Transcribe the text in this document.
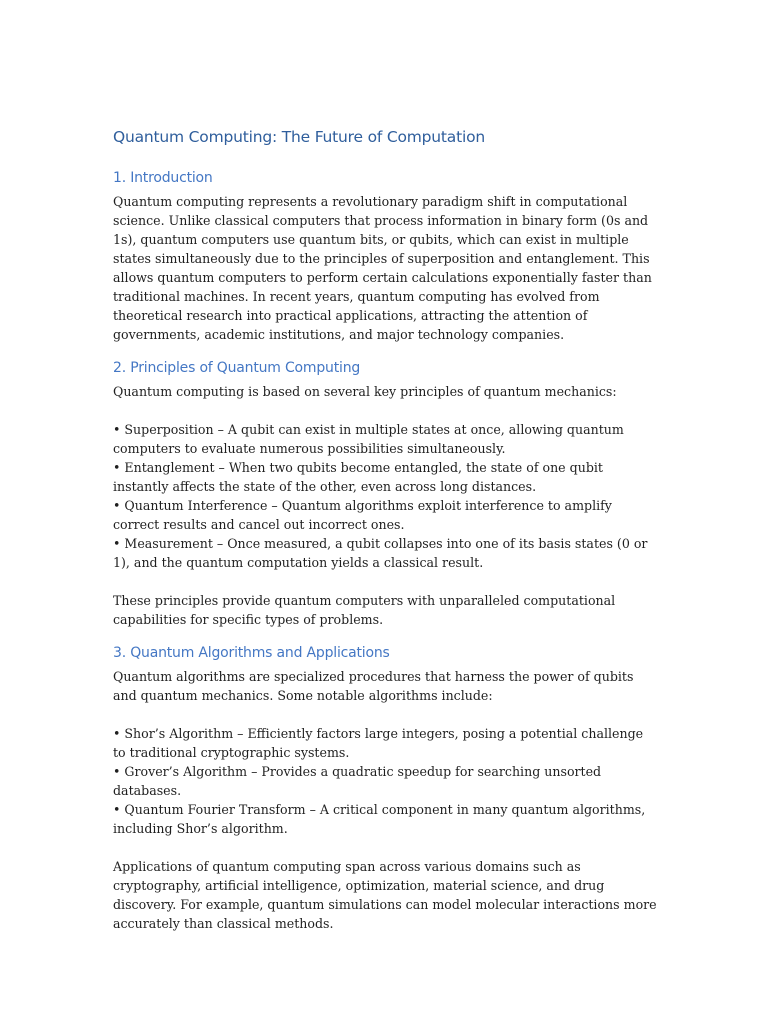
Quantum Computing: The Future of Computation
1. Introduction

Quantum computing represents a revolutionary paradigm shift in computational science. Unlike classical computers that process information in binary form (0s and 1s), quantum computers use quantum bits, or qubits, which can exist in multiple states simultaneously due to the principles of superposition and entanglement. This allows quantum computers to perform certain calculations exponentially faster than traditional machines. In recent years, quantum computing has evolved from theoretical research into practical applications, attracting the attention of governments, academic institutions, and major technology companies.

2. Principles of Quantum Computing

Quantum computing is based on several key principles of quantum mechanics:

• Superposition – A qubit can exist in multiple states at once, allowing quantum computers to evaluate numerous possibilities simultaneously.

• Entanglement – When two qubits become entangled, the state of one qubit instantly affects the state of the other, even across long distances.

• Quantum Interference – Quantum algorithms exploit interference to amplify correct results and cancel out incorrect ones.

• Measurement – Once measured, a qubit collapses into one of its basis states (0 or 1), and the quantum computation yields a classical result.

These principles provide quantum computers with unparalleled computational capabilities for specific types of problems.

3. Quantum Algorithms and Applications

Quantum algorithms are specialized procedures that harness the power of qubits and quantum mechanics. Some notable algorithms include:

• Shor’s Algorithm – Efficiently factors large integers, posing a potential challenge to traditional cryptographic systems.

• Grover’s Algorithm – Provides a quadratic speedup for searching unsorted databases.

• Quantum Fourier Transform – A critical component in many quantum algorithms, including Shor’s algorithm.

Applications of quantum computing span across various domains such as cryptography, artificial intelligence, optimization, material science, and drug discovery. For example, quantum simulations can model molecular interactions more accurately than classical methods.
